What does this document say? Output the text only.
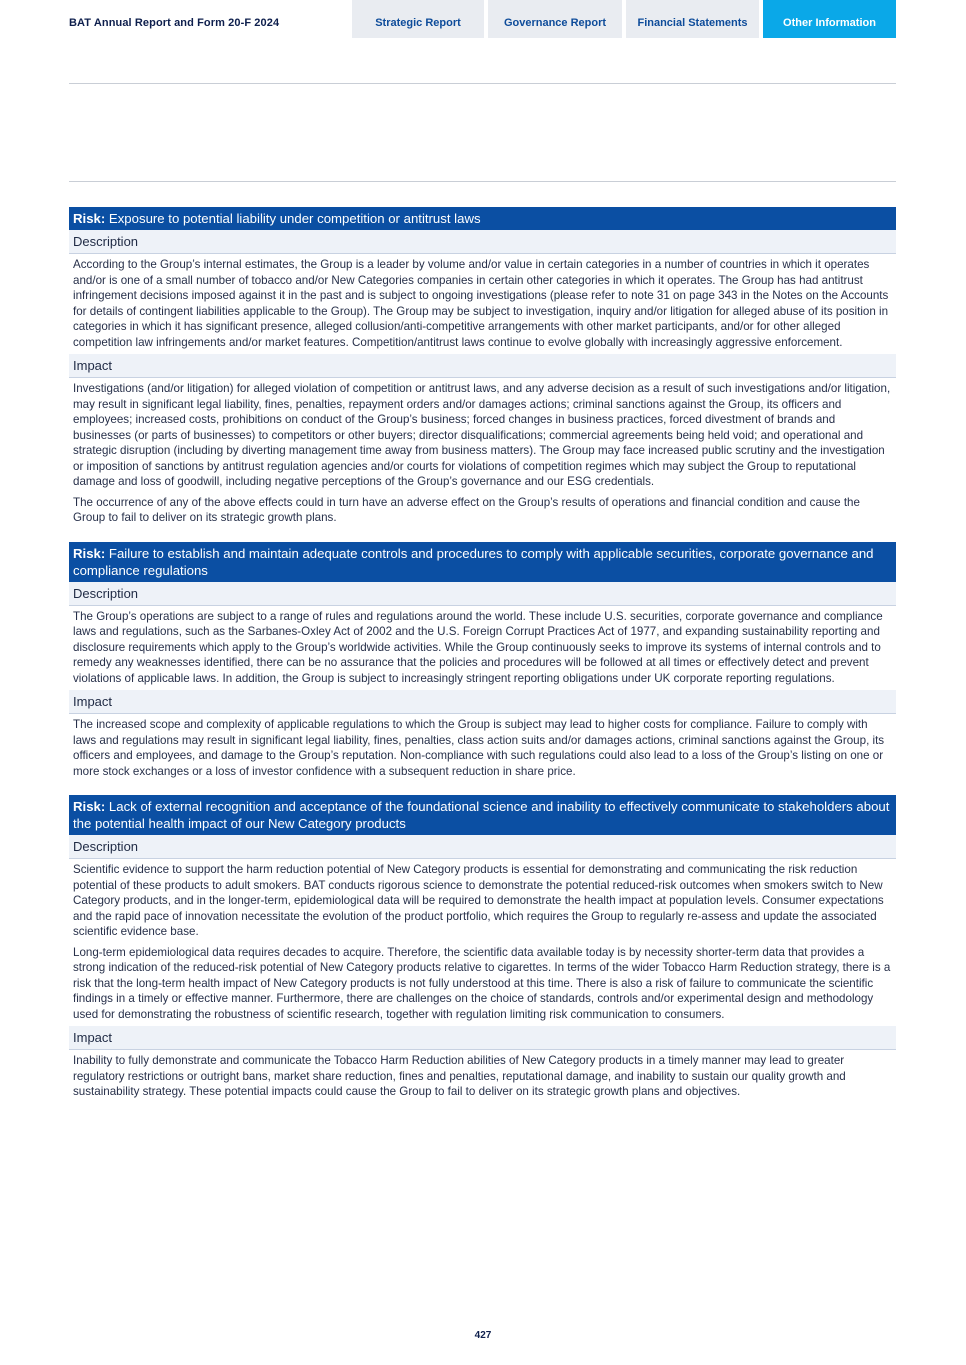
BAT Annual Report and Form 20-F 2024	Strategic Report	Governance Report	Financial Statements	Other Information
Risk: Exposure to potential liability under competition or antitrust laws
Description

According to the Group’s internal estimates, the Group is a leader by volume and/or value in certain categories in a number of countries in which it operates and/or is one of a small number of tobacco and/or New Categories companies in certain other categories in which it operates. The Group has had antitrust infringement decisions imposed against it in the past and is subject to ongoing investigations (please refer to note 31 on page 343 in the Notes on the Accounts for details of contingent liabilities applicable to the Group). The Group may be subject to investigation, inquiry and/or litigation for alleged abuse of its position in categories in which it has significant presence, alleged collusion/anti-competitive arrangements with other market participants, and/or for other alleged competition law infringements and/or market features. Competition/antitrust laws continue to evolve globally with increasingly aggressive enforcement.

Impact

Investigations (and/or litigation) for alleged violation of competition or antitrust laws, and any adverse decision as a result of such investigations and/or litigation, may result in significant legal liability, fines, penalties, repayment orders and/or damages actions; criminal sanctions against the Group, its officers and employees; increased costs, prohibitions on conduct of the Group’s business; forced changes in business practices, forced divestment of brands and businesses (or parts of businesses) to competitors or other buyers; director disqualifications; commercial agreements being held void; and operational and strategic disruption (including by diverting management time away from business matters). The Group may face increased public scrutiny and the investigation or imposition of sanctions by antitrust regulation agencies and/or courts for violations of competition regimes which may subject the Group to reputational damage and loss of goodwill, including negative perceptions of the Group’s governance and our ESG credentials.

The occurrence of any of the above effects could in turn have an adverse effect on the Group’s results of operations and financial condition and cause the Group to fail to deliver on its strategic growth plans.

Risk: Failure to establish and maintain adequate controls and procedures to comply with applicable securities, corporate governance and compliance regulations
Description

The Group’s operations are subject to a range of rules and regulations around the world. These include U.S. securities, corporate governance and compliance laws and regulations, such as the Sarbanes-Oxley Act of 2002 and the U.S. Foreign Corrupt Practices Act of 1977, and expanding sustainability reporting and disclosure requirements which apply to the Group’s worldwide activities. While the Group continuously seeks to improve its systems of internal controls and to remedy any weaknesses identified, there can be no assurance that the policies and procedures will be followed at all times or effectively detect and prevent violations of applicable laws. In addition, the Group is subject to increasingly stringent reporting obligations under UK corporate reporting regulations.

Impact

The increased scope and complexity of applicable regulations to which the Group is subject may lead to higher costs for compliance. Failure to comply with laws and regulations may result in significant legal liability, fines, penalties, class action suits and/or damages actions, criminal sanctions against the Group, its officers and employees, and damage to the Group’s reputation. Non-compliance with such regulations could also lead to a loss of the Group’s listing on one or more stock exchanges or a loss of investor confidence with a subsequent reduction in share price.

Risk: Lack of external recognition and acceptance of the foundational science and inability to effectively communicate to stakeholders about the potential health impact of our New Category products
Description

Scientific evidence to support the harm reduction potential of New Category products is essential for demonstrating and communicating the risk reduction potential of these products to adult smokers. BAT conducts rigorous science to demonstrate the potential reduced-risk outcomes when smokers switch to New Category products, and in the longer-term, epidemiological data will be required to demonstrate the health impact at population levels. Consumer expectations and the rapid pace of innovation necessitate the evolution of the product portfolio, which requires the Group to regularly re-assess and update the associated scientific evidence base.

Long-term epidemiological data requires decades to acquire. Therefore, the scientific data available today is by necessity shorter-term data that provides a strong indication of the reduced-risk potential of New Category products relative to cigarettes. In terms of the wider Tobacco Harm Reduction strategy, there is a risk that the long-term health impact of New Category products is not fully understood at this time. There is also a risk of failure to communicate the scientific findings in a timely or effective manner. Furthermore, there are challenges on the choice of standards, controls and/or experimental design and methodology used for demonstrating the robustness of scientific research, together with regulation limiting risk communication to consumers.

Impact

Inability to fully demonstrate and communicate the Tobacco Harm Reduction abilities of New Category products in a timely manner may lead to greater regulatory restrictions or outright bans, market share reduction, fines and penalties, reputational damage, and inability to sustain our quality growth and sustainability strategy. These potential impacts could cause the Group to fail to deliver on its strategic growth plans and objectives.

427
